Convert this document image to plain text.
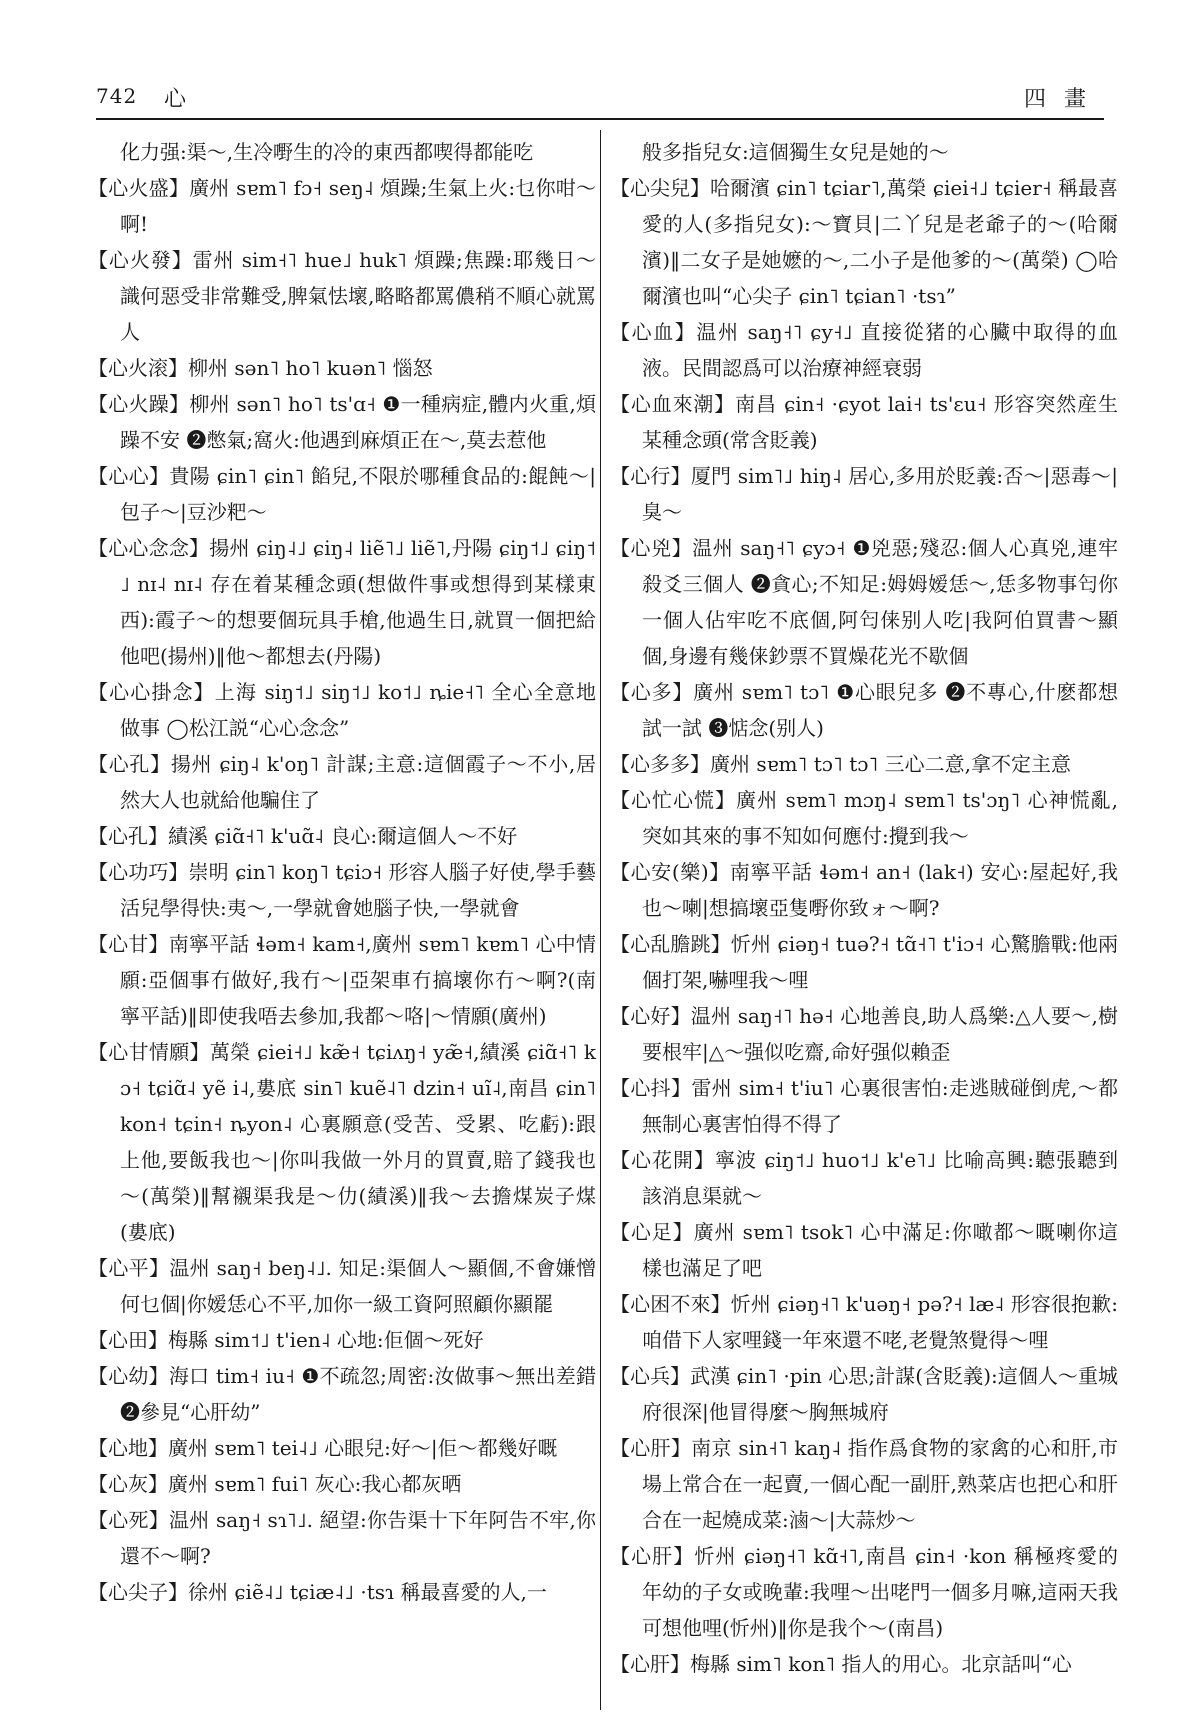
742 心	四畫
化力强:渠～,生冷嘢生的冷的東西都喫得都能吃
【心火盛】廣州 sɐm˥ fɔ˧ seŋ˨ 煩躁;生氣上火:乜你咁～啊!
【心火發】雷州 sim˧˥ hue˩ huk˥ 煩躁;焦躁:耶幾日～識何惡受非常難受,脾氣怯壞,略略都罵儂稍不順心就罵人
【心火滚】柳州 sən˥ ho˥ kuən˥ 惱怒
【心火躁】柳州 sən˥ ho˥ ts'ɑ˧ ❶一種病症,體内火重,煩躁不安 ❷憋氣;窩火:他遇到麻煩正在～,莫去惹他
【心心】貴陽 ɕin˥ ɕin˥ 餡兒,不限於哪種食品的:餛飩～|包子～|豆沙粑～
【心心念念】揚州 ɕiŋ˨˩ ɕiŋ˨ liẽ˥˩ liẽ˥,丹陽 ɕiŋ˦˩ ɕiŋ˦˩ nɪ˨ nɪ˨ 存在着某種念頭(想做件事或想得到某樣東西):霞子～的想要個玩具手槍,他過生日,就買一個把給他吧(揚州)‖他～都想去(丹陽)
【心心掛念】上海 siŋ˦˩ siŋ˦˩ ko˦˩ ȵie˧˥ 全心全意地做事 ◯松江説“心心念念”
【心孔】揚州 ɕiŋ˨ k'oŋ˥ 計謀;主意:這個霞子～不小,居然大人也就給他騙住了
【心孔】績溪 ɕiɑ̃˧˥ k'uɑ̃˨ 良心:爾這個人～不好
【心功巧】崇明 ɕin˥ koŋ˥ tɕiɔ˧ 形容人腦子好使,學手藝活兒學得快:夷～,一學就會她腦子快,一學就會
【心甘】南寧平話 ɬəm˧ kam˧,廣州 sɐm˥ kɐm˥ 心中情願:亞個事冇做好,我冇～|亞架車冇搞壞你冇～啊?(南寧平話)‖即使我唔去參加,我都～咯|～情願(廣州)
【心甘情願】萬榮 ɕiei˧˩ kæ̃˧ tɕiʌŋ˧ yæ̃˧,績溪 ɕiɑ̃˧˥ kɔ˧ tɕiɑ̃˨ yẽ i˨,婁底 sin˥ kuẽ˨˥ dzin˧ uĩ˨,南昌 ɕin˥ kon˧ tɕin˧ ȵyon˨ 心裏願意(受苦、受累、吃虧):跟上他,要飯我也～|你叫我做一外月的買賣,賠了錢我也～(萬榮)‖幫襯渠我是～仂(績溪)‖我～去擔煤炭子煤(婁底)
【心平】温州 saŋ˧ beŋ˨˩. 知足:渠個人～顯個,不會嫌憎何乜個|你嫒恁心不平,加你一級工資阿照顧你顯罷
【心田】梅縣 sim˦˩ t'ien˨ 心地:佢個～死好
【心幼】海口 tim˧ iu˧ ❶不疏忽;周密:汝做事～無出差錯 ❷參見“心肝幼”
【心地】廣州 sɐm˥ tei˨˩ 心眼兒:好～|佢～都幾好嘅
【心灰】廣州 sɐm˥ fui˥ 灰心:我心都灰晒
【心死】温州 saŋ˧ sɿ˥˩. 絕望:你告渠十下年阿告不牢,你還不～啊?
【心尖子】徐州 ɕiẽ˨˩ tɕiæ˨˩ ·tsɿ 稱最喜愛的人,一
般多指兒女:這個獨生女兒是她的～
【心尖兒】哈爾濱 ɕin˥ tɕiar˥,萬榮 ɕiei˧˩ tɕier˧ 稱最喜愛的人(多指兒女):～寶貝|二丫兒是老爺子的～(哈爾濱)‖二女子是她嬷的～,二小子是他爹的～(萬榮) ◯哈爾濱也叫“心尖子 ɕin˥ tɕian˥ ·tsɿ”
【心血】温州 saŋ˧˥ ɕy˧˩ 直接從猪的心臟中取得的血液。民間認爲可以治療神經衰弱
【心血來潮】南昌 ɕin˧ ·ɕyot lai˧ ts'ɛu˧ 形容突然産生某種念頭(常含貶義)
【心行】厦門 sim˥˩ hiŋ˨ 居心,多用於貶義:否～|惡毒～|臭～
【心兇】温州 saŋ˧˥ ɕyɔ˧ ❶兇惡;殘忍:個人心真兇,連牢殺爻三個人 ❷貪心;不知足:姆姆嫒恁～,恁多物事匄你一個人佔牢吃不底個,阿匄俫别人吃|我阿伯買書～顯個,身邊有幾俫鈔票不買燥花光不歇個
【心多】廣州 sɐm˥ tɔ˥ ❶心眼兒多 ❷不專心,什麽都想試一試 ❸惦念(别人)
【心多多】廣州 sɐm˥ tɔ˥ tɔ˥ 三心二意,拿不定主意
【心忙心慌】廣州 sɐm˥ mɔŋ˨ sɐm˥ ts'ɔŋ˥ 心神慌亂,突如其來的事不知如何應付:攪到我～
【心安(樂)】南寧平話 ɬəm˧ an˧ (lak˧) 安心:屋起好,我也～喇|想搞壞亞隻嘢你致ォ～啊?
【心乱膽跳】忻州 ɕiəŋ˧ tuə?˧ tɑ̃˧˥ t'iɔ˧ 心驚膽戰:他兩個打架,嚇哩我～哩
【心好】温州 saŋ˧˥ hə˧ 心地善良,助人爲樂:△人要～,樹要根牢|△～强似吃齋,命好强似賴歪
【心抖】雷州 sim˧ t'iu˥ 心裏很害怕:走逃賊碰倒虎,～都無制心裏害怕得不得了
【心花開】寧波 ɕiŋ˦˩ huo˦˩ k'e˥˩ 比喻高興:聽張聽到該消息渠就～
【心足】廣州 sɐm˥ tsok˥ 心中滿足:你噉都～嘅喇你這樣也滿足了吧
【心困不來】忻州 ɕiəŋ˧˥ k'uəŋ˧ pə?˧ læ˨ 形容很抱歉:咱借下人家哩錢一年來還不咾,老覺煞覺得～哩
【心兵】武漢 ɕin˥ ·pin 心思;計謀(含貶義):這個人～重城府很深|他冒得麼～胸無城府
【心肝】南京 sin˧˥ kaŋ˨ 指作爲食物的家禽的心和肝,市場上常合在一起賣,一個心配一副肝,熟菜店也把心和肝合在一起燒成菜:滷～|大蒜炒～
【心肝】忻州 ɕiəŋ˧˥ kɑ̃˧˥,南昌 ɕin˧ ·kon 稱極疼愛的年幼的子女或晚輩:我哩～出咾門一個多月嘛,這兩天我可想他哩(忻州)‖你是我个～(南昌)
【心肝】梅縣 sim˥ kon˥ 指人的用心。北京話叫“心
